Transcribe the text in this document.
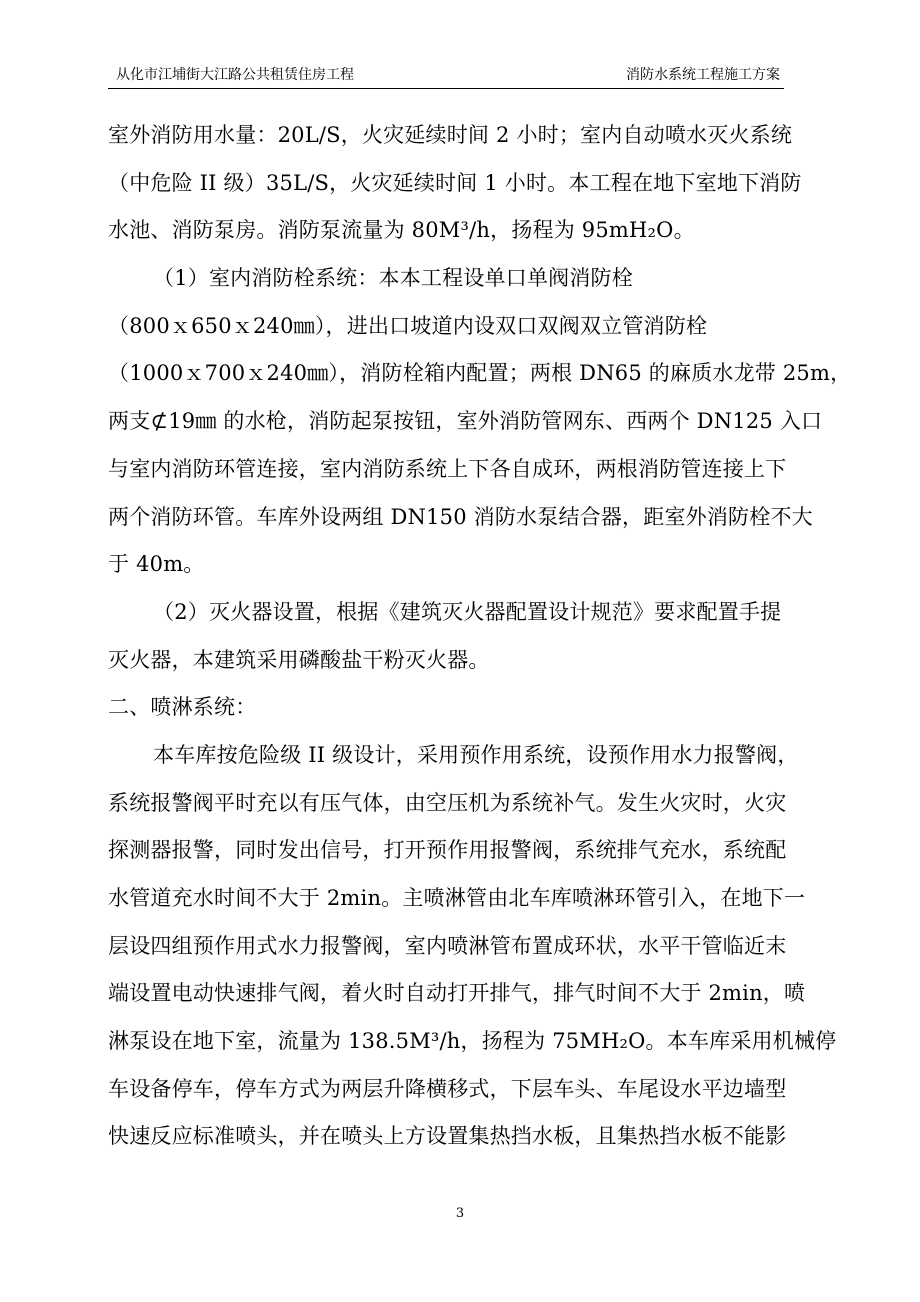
从化市江埔街大江路公共租赁住房工程	消防水系统工程施工方案
室外消防用水量：20L/S，火灾延续时间 2 小时；室内自动喷水灭火系统
（中危险 II 级）35L/S，火灾延续时间 1 小时。本工程在地下室地下消防
水池、消防泵房。消防泵流量为 80M³/h，扬程为 95mH₂O。
（1）室内消防栓系统：本本工程设单口单阀消防栓
（800ｘ650ｘ240㎜），进出口坡道内设双口双阀双立管消防栓
（1000ｘ700ｘ240㎜），消防栓箱内配置；两根 DN65 的麻质水龙带 25m，
两支⊄19㎜ 的水枪，消防起泵按钮，室外消防管网东、西两个 DN125 入口
与室内消防环管连接，室内消防系统上下各自成环，两根消防管连接上下
两个消防环管。车库外设两组 DN150 消防水泵结合器，距室外消防栓不大
于 40m。
（2）灭火器设置，根据《建筑灭火器配置设计规范》要求配置手提
灭火器，本建筑采用磷酸盐干粉灭火器。
二、喷淋系统：
本车库按危险级 II 级设计，采用预作用系统，设预作用水力报警阀，
系统报警阀平时充以有压气体，由空压机为系统补气。发生火灾时，火灾
探测器报警，同时发出信号，打开预作用报警阀，系统排气充水，系统配
水管道充水时间不大于 2min。主喷淋管由北车库喷淋环管引入，在地下一
层设四组预作用式水力报警阀，室内喷淋管布置成环状，水平干管临近末
端设置电动快速排气阀，着火时自动打开排气，排气时间不大于 2min，喷
淋泵设在地下室，流量为 138.5M³/h，扬程为 75MH₂O。本车库采用机械停
车设备停车，停车方式为两层升降横移式，下层车头、车尾设水平边墙型
快速反应标准喷头，并在喷头上方设置集热挡水板，且集热挡水板不能影
3
